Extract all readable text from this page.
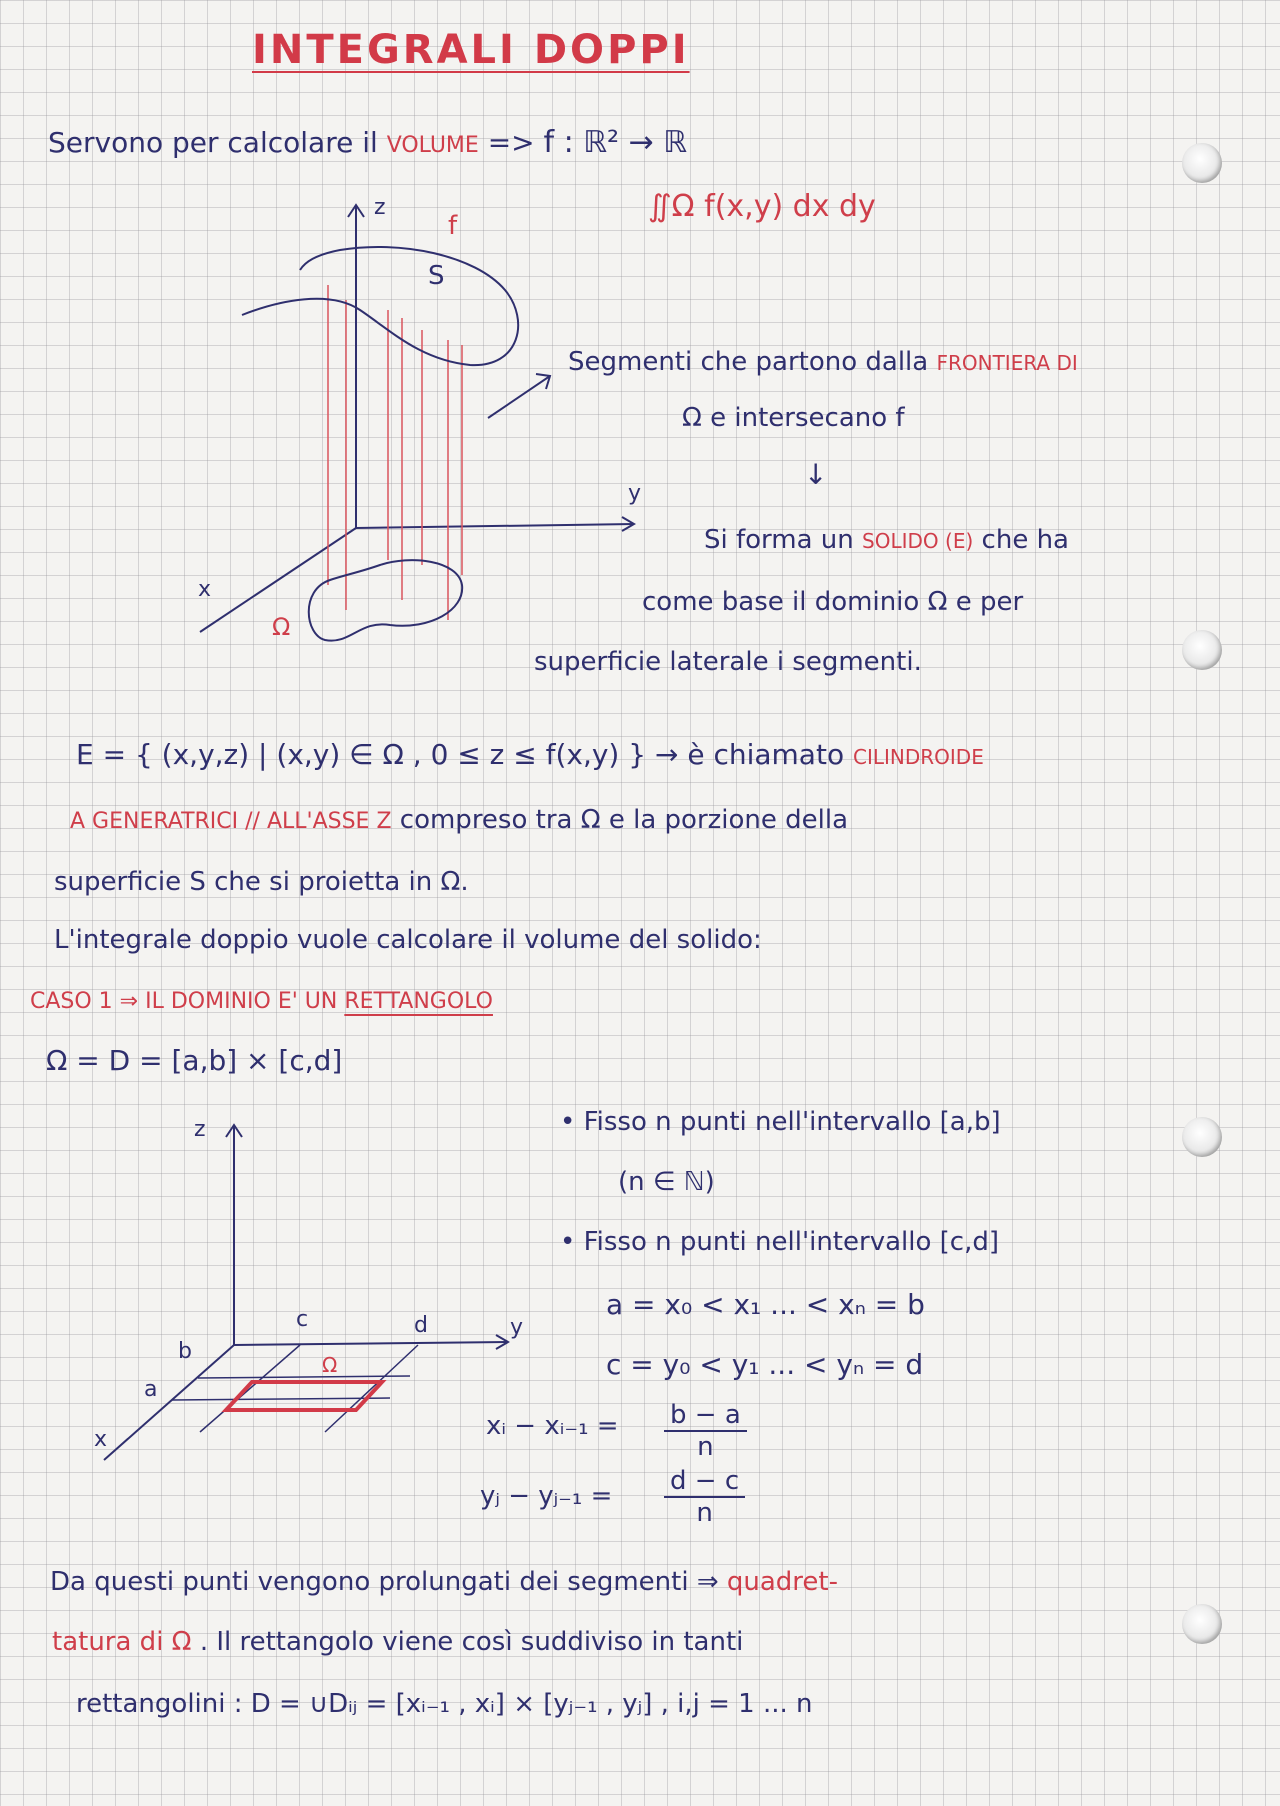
INTEGRALI DOPPI
Servono per calcolare il VOLUME => f : ℝ² → ℝ
∬Ω f(x,y) dx dy
z
f
S
y
x
Ω
Segmenti che partono dalla FRONTIERA DI
Ω e intersecano f
↓
Si forma un SOLIDO (E) che ha
come base il dominio Ω e per
superficie laterale i segmenti.
E = { (x,y,z) | (x,y) ∈ Ω , 0 ≤ z ≤ f(x,y) } → è chiamato CILINDROIDE
A GENERATRICI // ALL'ASSE Z compreso tra Ω e la porzione della
superficie S che si proietta in Ω.
L'integrale doppio vuole calcolare il volume del solido:
CASO 1 ⇒ IL DOMINIO E' UN RETTANGOLO
Ω = D = [a,b] × [c,d]
z
c	d	y
b
a
Ω
x
• Fisso n punti nell'intervallo [a,b]
(n ∈ ℕ)
• Fisso n punti nell'intervallo [c,d]
a = x₀ < x₁ ... < xₙ = b
c = y₀ < y₁ ... < yₙ = d
xᵢ − xᵢ₋₁ = $\frac{b - a}{n}$
yⱼ − yⱼ₋₁ = $\frac{d - c}{n}$
Da questi punti vengono prolungati dei segmenti ⇒ quadret-
tatura di Ω . Il rettangolo viene così suddiviso in tanti
rettangolini : D = ∪Dᵢⱼ = [xᵢ₋₁ , xᵢ] × [yⱼ₋₁ , yⱼ] , i,j = 1 ... n
